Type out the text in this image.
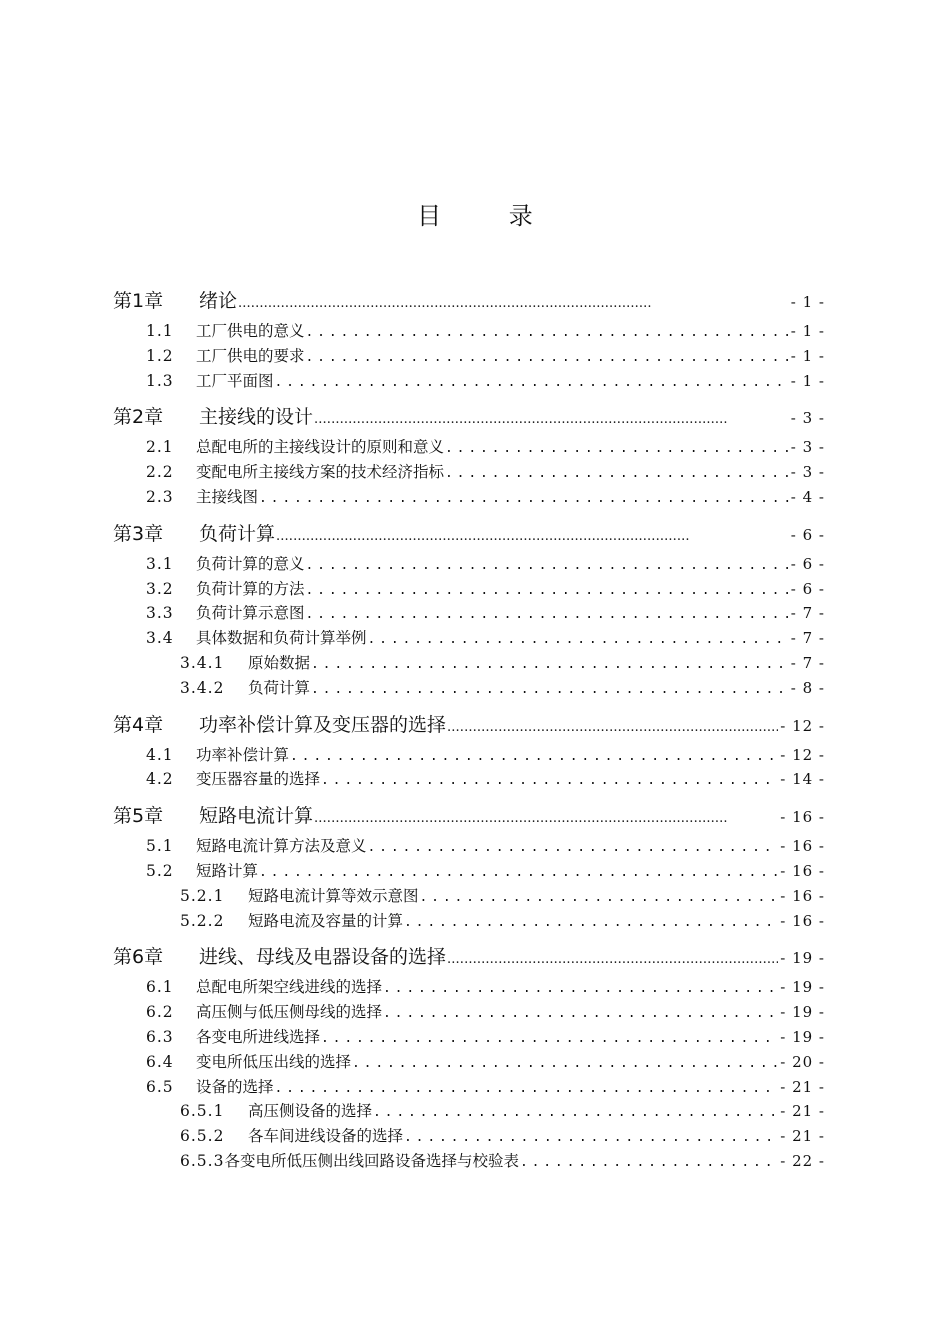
目 录
第1章 绪论 . . .	- 1 -
1.1 工厂供电的意义 . . .	- 1 -
1.2 工厂供电的要求 . . .	- 1 -
1.3 工厂平面图 . . .	- 1 -
第2章 主接线的设计 . . .	- 3 -
2.1 总配电所的主接线设计的原则和意义 . . .	- 3 -
2.2 变配电所主接线方案的技术经济指标 . . .	- 3 -
2.3 主接线图 . . .	- 4 -
第3章 负荷计算 . . .	- 6 -
3.1 负荷计算的意义 . . .	- 6 -
3.2 负荷计算的方法 . . .	- 6 -
3.3 负荷计算示意图 . . .	- 7 -
3.4 具体数据和负荷计算举例 . . .	- 7 -
3.4.1 原始数据 . . .	- 7 -
3.4.2 负荷计算 . . .	- 8 -
第4章 功率补偿计算及变压器的选择 . . .	- 12 -
4.1 功率补偿计算 . . .	- 12 -
4.2 变压器容量的选择 . . .	- 14 -
第5章 短路电流计算 . . .	- 16 -
5.1 短路电流计算方法及意义 . . .	- 16 -
5.2 短路计算 . . .	- 16 -
5.2.1 短路电流计算等效示意图 . . .	- 16 -
5.2.2 短路电流及容量的计算 . . .	- 16 -
第6章 进线、母线及电器设备的选择 . . .	- 19 -
6.1 总配电所架空线进线的选择 . . .	- 19 -
6.2 高压侧与低压侧母线的选择 . . .	- 19 -
6.3 各变电所进线选择 . . .	- 19 -
6.4 变电所低压出线的选择 . . .	- 20 -
6.5 设备的选择 . . .	- 21 -
6.5.1 高压侧设备的选择 . . .	- 21 -
6.5.2 各车间进线设备的选择 . . .	- 21 -
6.5.3各变电所低压侧出线回路设备选择与校验表 . . .	- 22 -
